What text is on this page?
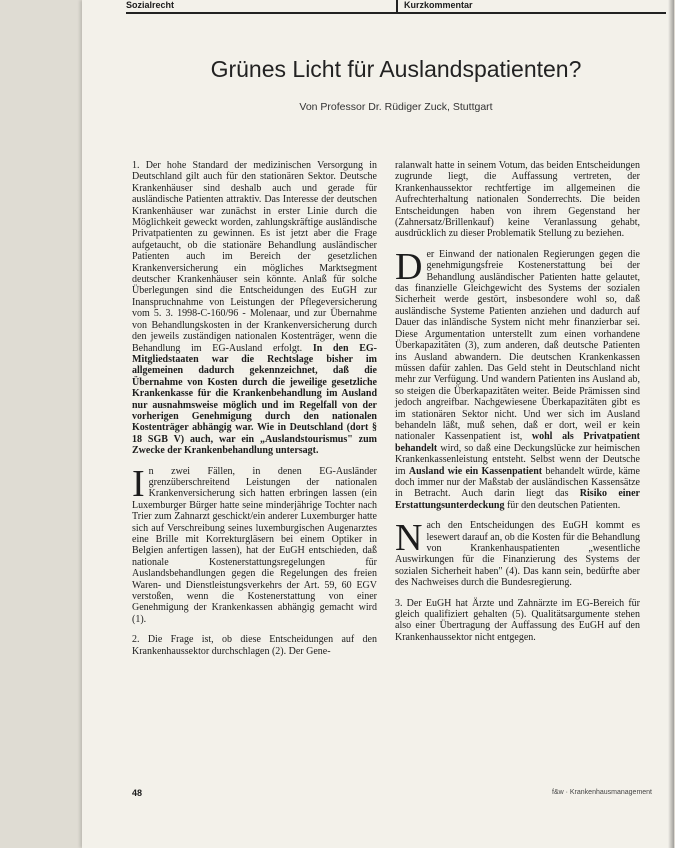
Sozialrecht	Kurzkommentar
Grünes Licht für Auslandspatienten?
Von Professor Dr. Rüdiger Zuck, Stuttgart

1. Der hohe Standard der medizinischen Versorgung in Deutschland gilt auch für den stationären Sektor. Deutsche Krankenhäuser sind deshalb auch und gerade für ausländische Patienten attraktiv. Das Interesse der deutschen Krankenhäuser war zunächst in erster Linie durch die Möglichkeit geweckt worden, zahlungskräftige ausländische Privatpatienten zu gewinnen. Es ist jetzt aber die Frage aufgetaucht, ob die stationäre Behandlung ausländischer Patienten auch im Bereich der gesetzlichen Krankenversicherung ein mögliches Marktsegment deutscher Krankenhäuser sein könnte. Anlaß für solche Überlegungen sind die Entscheidungen des EuGH zur Inanspruchnahme von Leistungen der Pflegeversicherung vom 5. 3. 1998-C-160/96 - Molenaar, und zur Übernahme von Behandlungskosten in der Krankenversicherung durch den jeweils zuständigen nationalen Kostenträger, wenn die Behandlung im EG-Ausland erfolgt. In den EG-Mitgliedstaaten war die Rechtslage bisher im allgemeinen dadurch gekennzeichnet, daß die Übernahme von Kosten durch die jeweilige gesetzliche Krankenkasse für die Krankenbehandlung im Ausland nur ausnahmsweise möglich und im Regelfall von der vorherigen Genehmigung durch den nationalen Kostenträger abhängig war. Wie in Deutschland (dort § 18 SGB V) auch, war ein „Auslandstourismus" zum Zwecke der Krankenbehandlung untersagt.

In zwei Fällen, in denen EG-Ausländer grenzüberschreitend Leistungen der nationalen Krankenversicherung sich hatten erbringen lassen (ein Luxemburger Bürger hatte seine minderjährige Tochter nach Trier zum Zahnarzt geschickt/ein anderer Luxemburger hatte sich auf Verschreibung seines luxemburgischen Augenarztes eine Brille mit Korrekturgläsern bei einem Optiker in Belgien anfertigen lassen), hat der EuGH entschieden, daß nationale Kostenerstattungsregelungen für Auslandsbehandlungen gegen die Regelungen des freien Waren- und Dienstleistungsverkehrs der Art. 59, 60 EGV verstoßen, wenn die Kostenerstattung von einer Genehmigung der Krankenkassen abhängig gemacht wird (1).

2. Die Frage ist, ob diese Entscheidungen auf den Krankenhaussektor durchschlagen (2). Der Gene-

ralanwalt hatte in seinem Votum, das beiden Entscheidungen zugrunde liegt, die Auffassung vertreten, der Krankenhaussektor rechtfertige im allgemeinen die Aufrechterhaltung nationalen Sonderrechts. Die beiden Entscheidungen haben von ihrem Gegenstand her (Zahnersatz/Brillenkauf) keine Veranlassung gehabt, ausdrücklich zu dieser Problematik Stellung zu beziehen.

Der Einwand der nationalen Regierungen gegen die genehmigungsfreie Kostenerstattung bei der Behandlung ausländischer Patienten hatte gelautet, das finanzielle Gleichgewicht des Systems der sozialen Sicherheit werde gestört, insbesondere wohl so, daß ausländische Systeme Patienten anziehen und dadurch auf Dauer das inländische System nicht mehr finanzierbar sei. Diese Argumentation unterstellt zum einen vorhandene Überkapazitäten (3), zum anderen, daß deutsche Patienten ins Ausland abwandern. Die deutschen Krankenkassen müssen dafür zahlen. Das Geld steht in Deutschland nicht mehr zur Verfügung. Und wandern Patienten ins Ausland ab, so steigen die Überkapazitäten weiter. Beide Prämissen sind jedoch angreifbar. Nachgewiesene Überkapazitäten gibt es im stationären Sektor nicht. Und wer sich im Ausland behandeln läßt, muß sehen, daß er dort, weil er kein nationaler Kassenpatient ist, wohl als Privatpatient behandelt wird, so daß eine Deckungslücke zur heimischen Krankenkassenleistung entsteht. Selbst wenn der Deutsche im Ausland wie ein Kassenpatient behandelt würde, käme doch immer nur der Maßstab der ausländischen Kassensätze in Betracht. Auch darin liegt das Risiko einer Erstattungsunterdeckung für den deutschen Patienten.

Nach den Entscheidungen des EuGH kommt es lesewert darauf an, ob die Kosten für die Behandlung von Krankenhauspatienten „wesentliche Auswirkungen für die Finanzierung des Systems der sozialen Sicherheit haben" (4). Das kann sein, bedürfte aber des Nachweises durch die Bundesregierung.

3. Der EuGH hat Ärzte und Zahnärzte im EG-Bereich für gleich qualifiziert gehalten (5). Qualitätsargumente stehen also einer Übertragung der Auffassung des EuGH auf den Krankenhaussektor nicht entgegen.

48	f&w · Krankenhausmanagement
